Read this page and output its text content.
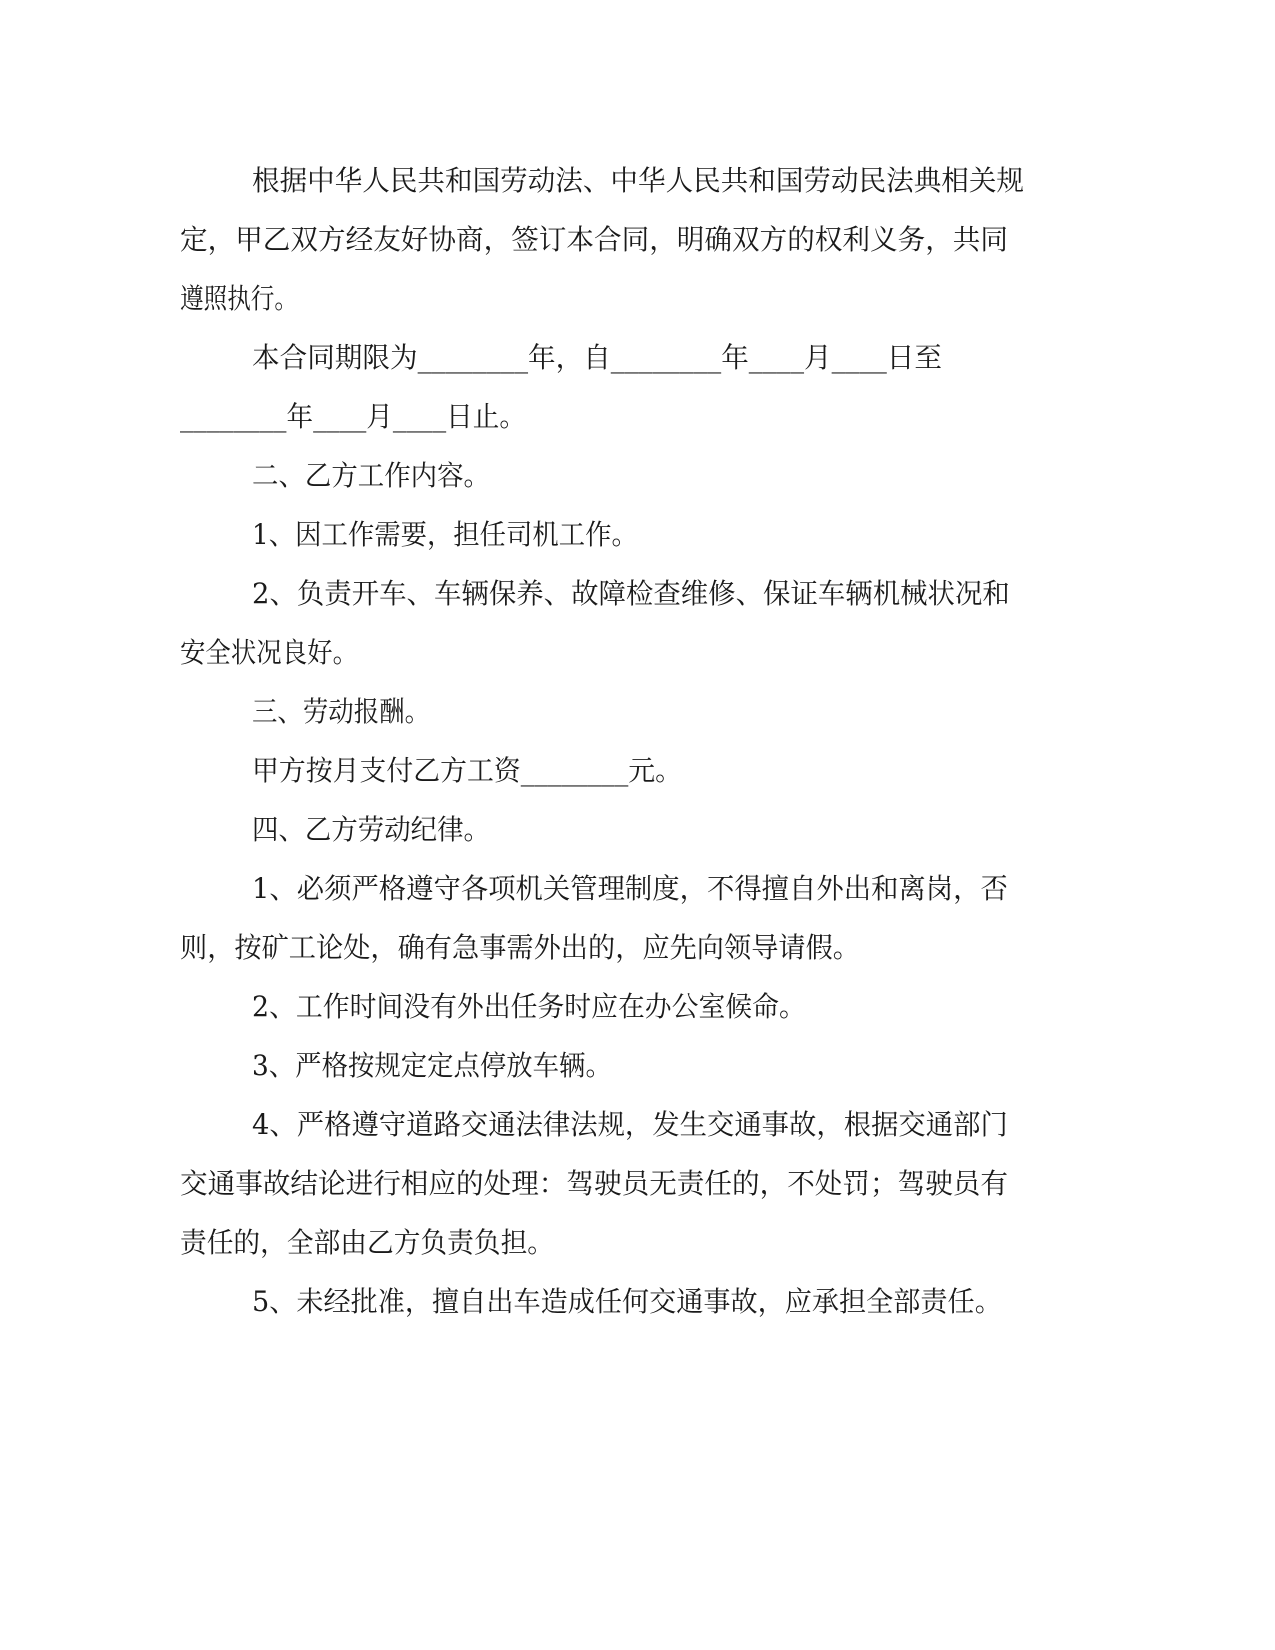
根据中华人民共和国劳动法、中华人民共和国劳动民法典相关规

定，甲乙双方经友好协商，签订本合同，明确双方的权利义务，共同

遵照执行。

本合同期限为________年，自________年____月____日至

________年____月____日止。

二、乙方工作内容。

1、因工作需要，担任司机工作。

2、负责开车、车辆保养、故障检查维修、保证车辆机械状况和

安全状况良好。

三、劳动报酬。

甲方按月支付乙方工资________元。

四、乙方劳动纪律。

1、必须严格遵守各项机关管理制度，不得擅自外出和离岗，否

则，按矿工论处，确有急事需外出的，应先向领导请假。

2、工作时间没有外出任务时应在办公室候命。

3、严格按规定定点停放车辆。

4、严格遵守道路交通法律法规，发生交通事故，根据交通部门

交通事故结论进行相应的处理：驾驶员无责任的，不处罚；驾驶员有

责任的，全部由乙方负责负担。

5、未经批准，擅自出车造成任何交通事故，应承担全部责任。
